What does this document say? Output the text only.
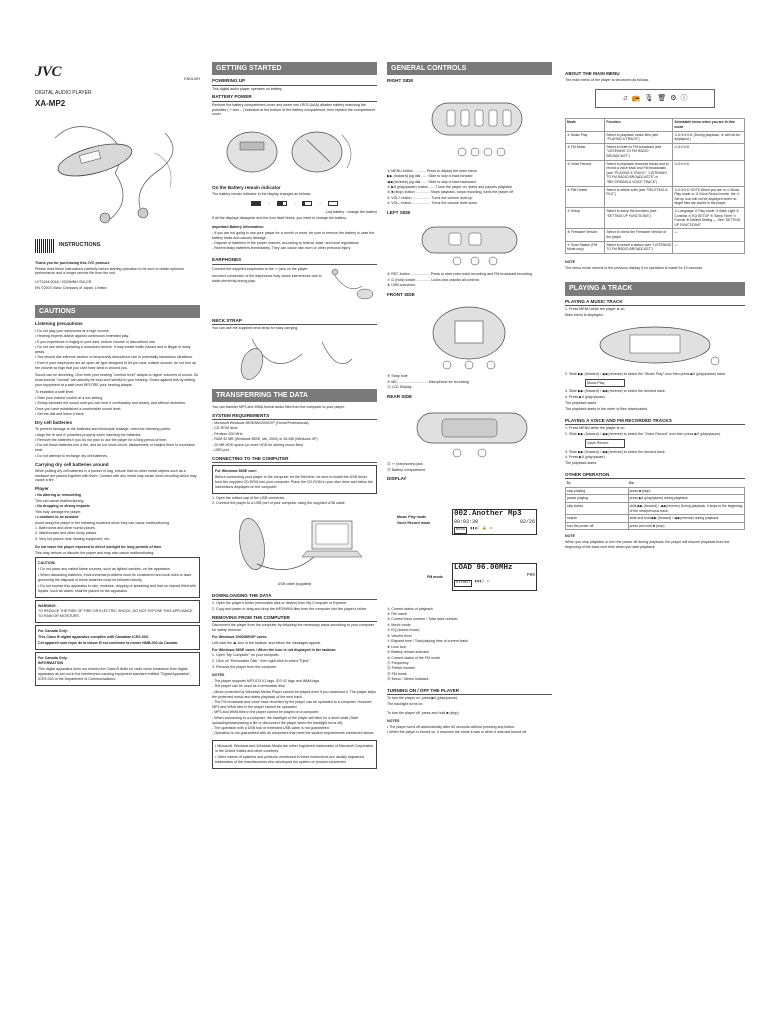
JVC	ENGLISH
DIGITAL AUDIO PLAYER
XA-MP2
INSTRUCTIONS

Thank you for purchasing this JVC product.

Please read these instructions carefully before starting operation to be sure to obtain optimum performance and a longer service life from the unit.

LVT1244-001A / 0203MNH-SW-CR

EN ©2003 Victor Company of Japan, Limited

CAUTIONS
Listening precautions
• Do not play your earphones at a high volume.
• Hearing experts advise against continuous extended play.
• If you experience a ringing in your ears, reduce volume or discontinue use.
• Do not use while operating a motorized vehicle. It may create traffic hazard and is illegal in many areas.
• You should use extreme caution or temporarily discontinue use in potentially hazardous situations.
• Even if your earphones are an open-air type designed to let you hear outside sounds, do not turn up the volume so high that you can't hear what is around you.

Sound can be deceiving. Over time your hearing "comfort level" adapts to higher volumes of sound. So what sounds "normal" can actually be loud and harmful to your hearing. Guard against this by setting your equipment at a safe level BEFORE your hearing adapts.

To establish a safe level:

• Start your volume control at a low setting.
• Slowly increase the sound until you can hear it comfortably and clearly, and without distortion.
Once you have established a comfortable sound level:
• Set the dial and leave it there.
Dry cell batteries
To prevent damage to the batteries and electrolyte leakage, heed the following points.
• Align the ⊕ and ⊖ polarities properly when inserting the batteries.
• Remove the batteries if you do not plan to use the player for a long period of time.
• Do not throw batteries into a fire, and do not short-circuit, disassemble or subject them to excessive heat.
• Do not attempt to recharge dry cell batteries.
Carrying dry cell batteries around

When putting dry cell batteries in a pocket or bag, ensure that no other metal objects such as a necklace are placed together with them. Contact with any metal may cause short-circuiting which may cause a fire.

Player
• No altering or remodeling
This can cause malfunctioning.
• No dropping or strong impacts
This may damage the player.
• Locations to be avoided
Avoid using the player in the following locations since they can cause malfunctioning.
1. Bathrooms and other humid places.
2. Warehouses and other dusty places.
3. Very hot places near heating equipment, etc.

Do not leave the player exposed to direct sunlight for long periods of time

This may deform or discolor the player and may also cause malfunctioning.

CAUTION:

• Do not place any naked flame sources, such as lighted candles, on the apparatus.

• When discarding batteries, environmental problems must be considered and local rules or laws governing the disposal of these batteries must be followed strictly.

• Do not expose this apparatus to rain, moisture, dripping or splashing and that no objects filled with liquids, such as vases, shall be placed on the apparatus.

WARNING:

TO REDUCE THE RISK OF FIRE OR ELECTRIC SHOCK, DO NOT EXPOSE THIS APPLIANCE TO RAIN OR MOISTURE.

For Canada Only:

This Class B digital apparatus complies with Canadian ICES-003.

Cet appareil num rique de la classe B est conforme la norme NMB-003 du Canada.

For Canada Only:

INFORMATION

This digital apparatus does not exceed the Class B limits for radio noise emissions from digital apparatus as set out in the interference-causing equipment standard entitled "Digital Apparatus", ICES-003 of the Department of Communications.

GETTING STARTED
POWERING UP

This digital audio player operates on battery.

BATTERY POWER

Remove the battery compartment cover and insert one LR03 (AAA) alkaline battery matching the polarities ( + and – ) indicated at the bottom of the battery compartment, then replace the compartment cover.

On the Battery remain indicator

The battery remain indicator in the display changes as follows.

→	→	→

Low battery : change the battery

If all the displays disappear and the icon itself blinks, you need to change the battery.

Important Battery Information:

- If you are not going to use your player for a month or more, be sure to remove the battery in case the battery leaks and causes damage.
- Dispose of batteries in the proper manner, according to federal, state, and local regulations.
- Recent leaky batteries immediately. They can cause skin burn or other personal injury.
EARPHONES

Connect the supplied earphones to the ⏛ jack on the player.

Incorrect connection of the earphones may cause interference due to static electricity during play.

NECK STRAP

You can use the supplied neck strap for easy carrying.

TRANSFERRING THE DATA

You can transfer MP3 and WMA format audio files from the computer to your player.

SYSTEM REQUIREMENTS
- Microsoft Windows 98SE/Me/2000/XP (Home/Professional)
- CD-ROM drive
- Pentium 200 MHz
- RAM 32 MB (Windows 98SE, Me, 2000) or 64 MB (Windows XP)
- 20 MB HDD space (or more HDD for storing music files)
- USB port
CONNECTING TO THE COMPUTER

For Windows 98SE user:

Before connecting your player to the computer for the first time, be sure to install the USB driver from the supplied CD-ROM into your computer. Place the CD-ROM in your disc drive and follow the instructions displayed on the computer.

1. Open the rubber cap of the USB connector.

2. Connect the player to a USB port of your computer using the supplied USB cable.

USB cable (supplied)

DOWNLOADING THE DATA

1. Open the player's folder (removable disk or device) from My Computer or Explorer.

2. Copy and paste or drag and drop the MP3/WMA files from the computer into the player's folder.

REMOVING FROM THE COMPUTER

Disconnect the player from the computer by following the necessary steps according to your computer for safety removal.

For Windows 2000/ME/XP users:

Left-click the ⏏ icon in the taskbar, and follow the messages appear.

For Windows 98SE users / When the icon is not displayed in the taskbar:

1. Open "My Computer" on your computer.

2. Click on "Removable Disk", then right-click to select "Eject".

3. Remove the player from the computer.

NOTES

- The player supports MP3 ID3 V1 tags, ID3 V2 tags and WMA tags.
- The player can be used as a removable disk.
- Music protected by Windows Media Player cannot be played even if you download it. The player skips the protected music and starts playback of the next track.
- The FM broadcast and voice track recorded by the player can be uploaded to a computer. However, MP3 and WMA files in the player cannot be uploaded.
- MP3 and WMA files in the player cannot be played on a computer.
- When connecting to a computer, the backlight of the player will blink for a short while (Start uploading/downloading a file or disconnect the player when the backlight turns off).
- The operation with a USB hub or extended USB cable is not guaranteed.
- Operation is not guaranteed with all computers that meet the system requirements mentioned above.

• Microsoft, Windows and Windows Media are either registered trademarks of Microsoft Corporation in the United States and other countries.

• Other names of systems and products mentioned in these instructions are usually registered trademarks of the manufacturers who developed the system or product concerned.

GENERAL CONTROLS
RIGHT SIDE
① MENU button ............ Press to display the main menu
▶▶ (forward) jog dial ...... Slide to skip a track forward
◀◀ (reverse) jog dial ...... Slide to skip a track backward
② ▶II (play/pause) button ...... Turns the player on, starts and pauses playback
③ ■ (stop) button .............. Stops playback, stops recording, turns the player off
④ VOL+ button .................. Turns the volume level up
⑤ VOL– button .................. Turns the volume level down
LEFT SIDE
⑥ REC button ................... Press to start voice track recording and FM broadcast recording
⑦ ⊡ (hold) switch .............. Locks and unlocks all controls
⑧ USB connector
FRONT SIDE
⑨ Strap hole
⑩ MIC ............................. Microphone for recording
⑪ LCD Display
REAR SIDE
⑫ ⏛ (earphones) jack
⑬ Battery compartment
DISPLAY
Music Play mode
Voice Record mode
002.Another Mp3
00:03:30	02/26
Rock	▮▮▮▯ 🔒 ▭
FM mode
LOAD 96.00MHz
P09
STEREO	▮▮▮▯ ▭
① Current status of playback
② File name
③ Current track number / Total track number
④ Music mode
⑤ EQ (sound mode)
⑥ Volume level
⑦ Elapsed time / Total playing time of current track
⑧ Lock icon
⑨ Battery remain indicator
⑩ Current status of the FM mode
⑪ Frequency
⑫ Preset number
⑬ FM mode
⑭ Mono / Stereo indicator
TURNING ON / OFF THE PLAYER

To turn the player on, press ▶II (play/pause).

The backlight turns on.

To turn the player off, press and hold ■ (stop).

NOTES

• The player turns off automatically after 60 seconds without pressing any button.
• When the player is turned on, it resumes the mode it was in when it was last turned off.
ABOUT THE MAIN MENU

The main menu of the player is structured as follows.

♫ 📻 🎙 🗑 ⚙ ⓘ
Mode	Function	Selectable menu when you are in this mode
① Music Play	Select to playback music files (see "PLAYING A TRACK")	①②③④⑤⑥ (During playback, ⑥ will not be displayed.)
② FM Mode	Select to listen to FM broadcast (see "LISTENING TO FM RADIO BROADCAST")	①③④⑤⑥
③ Voice Record	Select to playback recorded tracks and to record a voice track and FM broadcasts (see "PLAYING A TRACK", "LISTENING TO FM RADIO BROADCASTS" or "RECORDING A VOICE TRACK")	①②④⑤⑥
④ File Delete	Select to delete a file (see "DELETING A FILE")	①②③⑤⑥ NOTE When you are in ① Music Play mode or ③ Voice Record mode, the ⑤ Set up icon will not be displayed when no target files are stored in the player.
⑤ Setup	Select to setup the functions (see "SETTING UP FUNCTIONS")	① Language ② Play mode ③ Back Light ④ Contrast ⑤ EQ SETUP ⑥ Sleep Timer ⑦ Format ⑧ Default Setting — See "SETTING UP FUNCTIONS"
⑥ Firmware Version	Select to check the Firmware Version of the player	—
⑦ Scan Station (FM Mode only)	Select to preset a station (see "LISTENING TO FM RADIO BROADCAST")	—

NOTE

The menu mode returns to the previous display if no operation is made for 10 seconds.

PLAYING A TRACK
PLAYING A MUSIC TRACK

1. Press MENU while the player is on.

Main menu is displayed.

2. Slide ▶▶ (forward) / ◀◀ (reverse) to select the "Music Play" icon then press ▶II (play/pause) twice.

Music Play

3. Slide ▶▶ (forward) / ◀◀ (reverse) to select the desired track.

4. Press ▶II (play/pause).

The playback starts.

The playback starts in the order of files downloaded.

PLAYING A VOICE AND FM RECORDED TRACKS

1. Press MENU while the player is on.

2. Slide ▶▶ (forward) / ◀◀ (reverse) to select the "Voice Record" icon then press ▶II (play/pause).

Voice Record

3. Slide ▶▶ (forward) / ◀◀ (reverse) to select the desired track.

4. Press ▶II (play/pause).

The playback starts.

OTHER OPERATION
To	Do
stop playing	press ■ (stop)
pause playing	press ▶II (play/pause) during playback
skip tracks	slide ▶▶ (forward) / ◀◀ (reverse) During playback, it skips to the beginning of the next/previous track.
search	slide and hold ▶▶ (forward) / ◀◀ (reverse) during playback
turn the power off	press and hold ■ (stop)

NOTE

When you stop playback or turn the power off during playback, the player will resume playback from the beginning of the track next time when you start playback.
